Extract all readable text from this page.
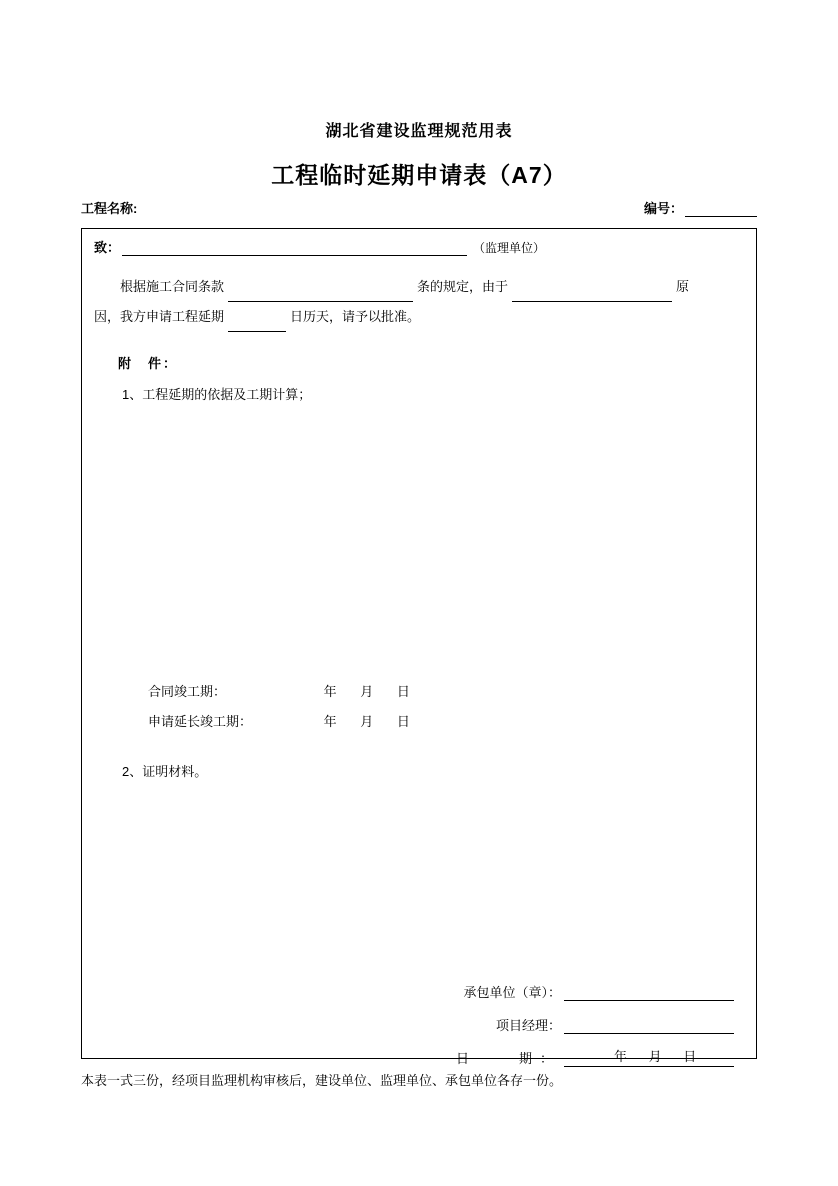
湖北省建设监理规范用表
工程临时延期申请表（A7）
工程名称:	编号：
致：	（监理单位）
根据施工合同条款	条的规定，由于	原
因，我方申请工程延期	日历天，请予以批准。
附　件：
1、工程延期的依据及工期计算；
合同竣工期：	年 月 日
申请延长竣工期：	年 月 日
2、证明材料。
承包单位（章）：
项目经理：
日　　期：	年 月 日
本表一式三份，经项目监理机构审核后，建设单位、监理单位、承包单位各存一份。
